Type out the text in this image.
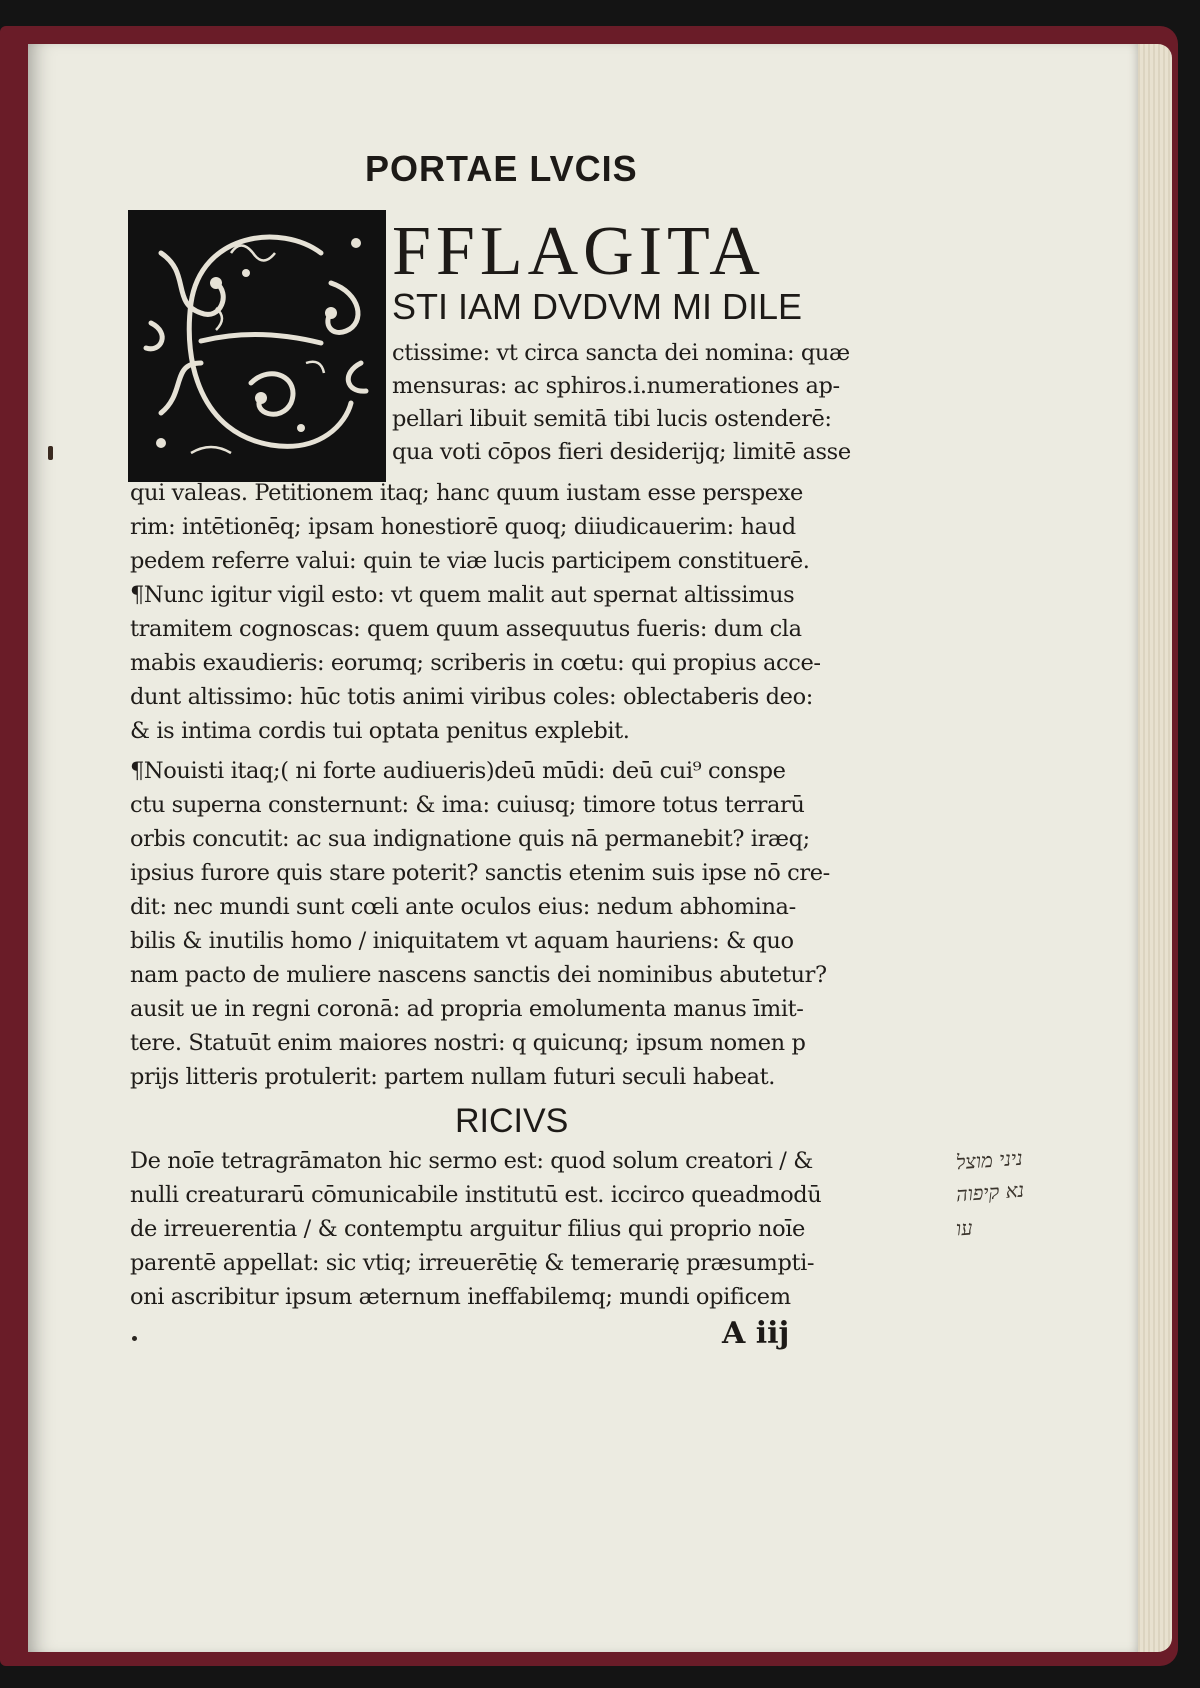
PORTAE LVCIS
FFLAGITA
STI IAM DVDVM MI DILE
ctissime: vt circa sancta dei nomina: quæ
mensuras: ac sphiros.i.numerationes ap-
pellari libuit semitā tibi lucis ostenderē:
qua voti cōpos fieri desiderijq; limitē asse
qui valeas. Petitionem itaq; hanc quum iustam esse perspexe
rim: intētionēq; ipsam honestiorē quoq; diiudicauerim: haud
pedem referre valui: quin te viæ lucis participem constituerē.
¶Nunc igitur vigil esto: vt quem malit aut spernat altissimus
tramitem cognoscas: quem quum assequutus fueris: dum cla
mabis exaudieris: eorumq; scriberis in cœtu: qui propius acce-
dunt altissimo: hūc totis animi viribus coles: oblectaberis deo:
& is intima cordis tui optata penitus explebit.
¶Nouisti itaq;( ni forte audiueris)deū mūdi: deū cui⁹ conspe
ctu superna consternunt: & ima: cuiusq; timore totus terrarū
orbis concutit: ac sua indignatione quis nā permanebit? iræq;
ipsius furore quis stare poterit? sanctis etenim suis ipse nō cre-
dit: nec mundi sunt cœli ante oculos eius: nedum abhomina-
bilis & inutilis homo / iniquitatem vt aquam hauriens: & quo
nam pacto de muliere nascens sanctis dei nominibus abutetur?
ausit ue in regni coronā: ad propria emolumenta manus īmit-
tere. Statuūt enim maiores nostri: q quicunq; ipsum nomen p
prijs litteris protulerit: partem nullam futuri seculi habeat.
RICIVS
De noīe tetragrāmaton hic sermo est: quod solum creatori / &
nulli creaturarū cōmunicabile institutū est. iccirco queadmodū
de irreuerentia / & contemptu arguitur filius qui proprio noīe
parentē appellat: sic vtiq; irreuerētię & temerarię præsumpti-
oni ascribitur ipsum æternum ineffabilemq; mundi opificem
A iij
ניני מוצל
נא קיפוה
עו
